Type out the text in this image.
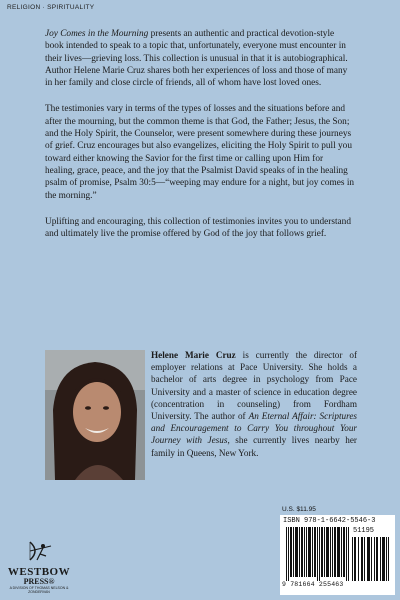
RELIGION · SPIRITUALITY

Joy Comes in the Mourning presents an authentic and practical devotion-style book intended to speak to a topic that, unfortunately, everyone must encounter in their lives—grieving loss. This collection is unusual in that it is autobiographical. Author Helene Marie Cruz shares both her experiences of loss and those of many in her family and close circle of friends, all of whom have lost loved ones.

The testimonies vary in terms of the types of losses and the situations before and after the mourning, but the common theme is that God, the Father; Jesus, the Son; and the Holy Spirit, the Counselor, were present somewhere during these journeys of grief. Cruz encourages but also evangelizes, eliciting the Holy Spirit to pull you toward either knowing the Savior for the first time or calling upon Him for healing, grace, peace, and the joy that the Psalmist David speaks of in the healing psalm of promise, Psalm 30:5—“weeping may endure for a night, but joy comes in the morning.”

Uplifting and encouraging, this collection of testimonies invites you to understand and ultimately live the promise offered by God of the joy that follows grief.

Helene Marie Cruz is currently the director of employer relations at Pace University. She holds a bachelor of arts degree in psychology from Pace University and a master of science in education degree (concentration in counseling) from Fordham University. The author of An Eternal Affair: Scriptures and Encouragement to Carry You throughout Your Journey with Jesus, she currently lives nearby her family in Queens, New York.
WESTBOW
PRESS®
A DIVISION OF THOMAS NELSON & ZONDERVAN
U.S. $11.95
ISBN 978-1-6642-5546-3
51195
9 781664 255463
